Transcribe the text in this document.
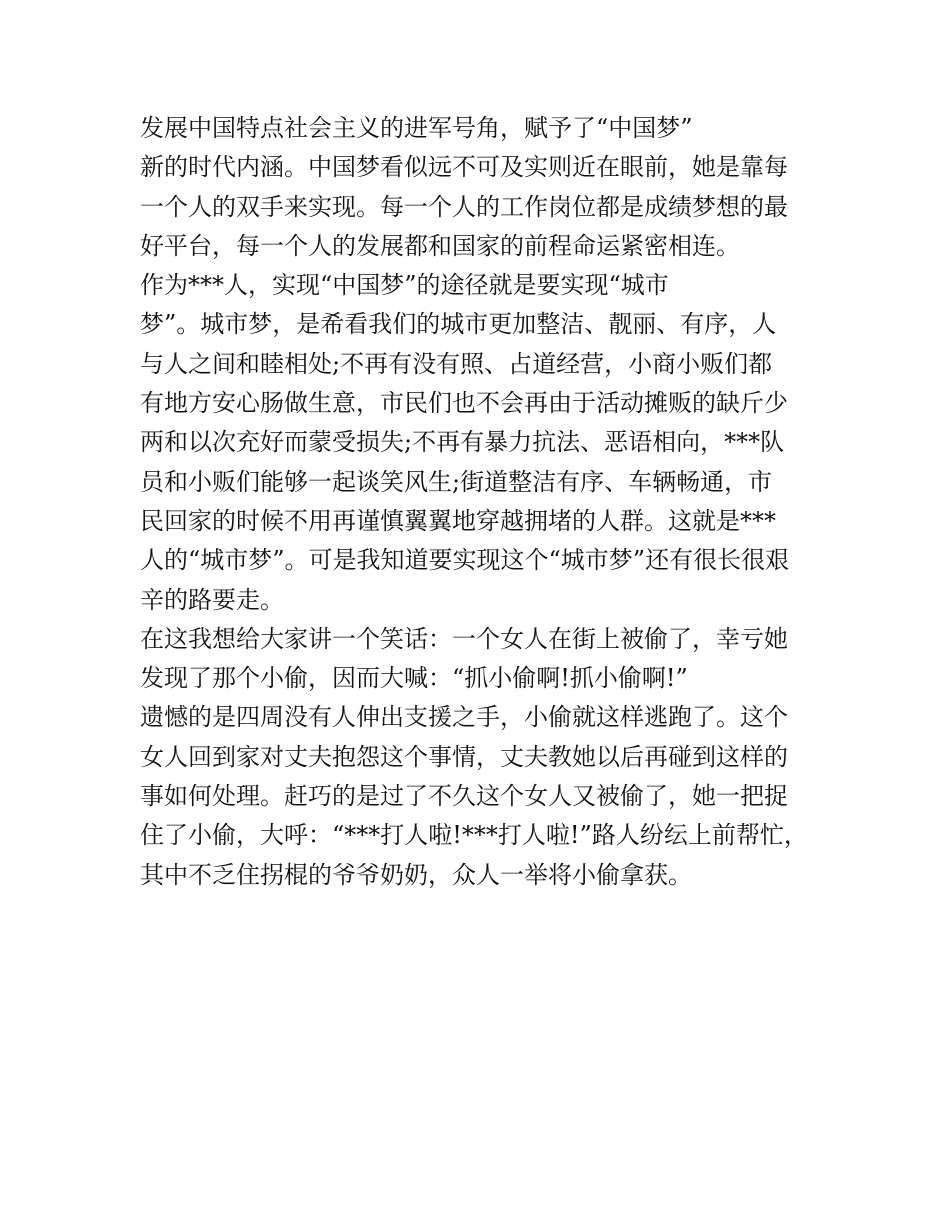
发展中国特点社会主义的进军号角，赋予了“中国梦”
新的时代内涵。中国梦看似远不可及实则近在眼前，她是靠每
一个人的双手来实现。每一个人的工作岗位都是成绩梦想的最
好平台，每一个人的发展都和国家的前程命运紧密相连。
作为***人，实现“中国梦”的途径就是要实现“城市
梦”。城市梦，是希看我们的城市更加整洁、靓丽、有序，人
与人之间和睦相处;不再有没有照、占道经营，小商小贩们都
有地方安心肠做生意，市民们也不会再由于活动摊贩的缺斤少
两和以次充好而蒙受损失;不再有暴力抗法、恶语相向，***队
员和小贩们能够一起谈笑风生;街道整洁有序、车辆畅通，市
民回家的时候不用再谨慎翼翼地穿越拥堵的人群。这就是***
人的“城市梦”。可是我知道要实现这个“城市梦”还有很长很艰
辛的路要走。
在这我想给大家讲一个笑话：一个女人在街上被偷了，幸亏她
发现了那个小偷，因而大喊：“抓小偷啊!抓小偷啊!”
遗憾的是四周没有人伸出支援之手，小偷就这样逃跑了。这个
女人回到家对丈夫抱怨这个事情，丈夫教她以后再碰到这样的
事如何处理。赶巧的是过了不久这个女人又被偷了，她一把捉
住了小偷，大呼：“***打人啦!***打人啦!”路人纷纭上前帮忙，
其中不乏住拐棍的爷爷奶奶，众人一举将小偷拿获。
